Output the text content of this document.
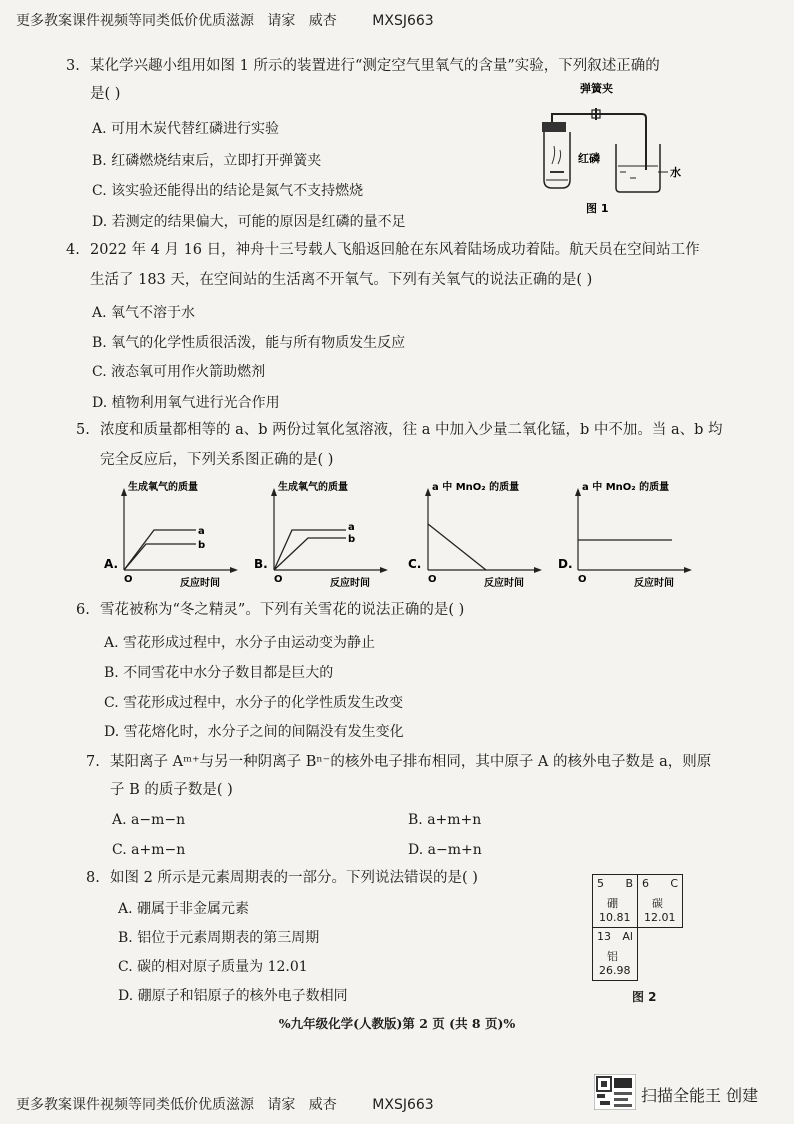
更多教案课件视频等同类低价优质滋源   请家   威杏        MXSJ663
3. 某化学兴趣小组用如图 1 所示的装置进行“测定空气里氧气的含量”实验，下列叙述正确的
是( )
A. 可用木炭代替红磷进行实验
B. 红磷燃烧结束后，立即打开弹簧夹
C. 该实验还能得出的结论是氮气不支持燃烧
D. 若测定的结果偏大，可能的原因是红磷的量不足
弹簧夹
红磷
水
图 1
4. 2022 年 4 月 16 日，神舟十三号载人飞船返回舱在东风着陆场成功着陆。航天员在空间站工作
生活了 183 天，在空间站的生活离不开氧气。下列有关氧气的说法正确的是( )
A. 氧气不溶于水
B. 氧气的化学性质很活泼，能与所有物质发生反应
C. 液态氧可用作火箭助燃剂
D. 植物利用氧气进行光合作用
5. 浓度和质量都相等的 a、b 两份过氧化氢溶液，往 a 中加入少量二氧化锰，b 中不加。当 a、b 均
完全反应后，下列关系图正确的是( )
生成氧气的质量
a
b
A.
O	反应时间
生成氧气的质量
a
b
B.
O	反应时间
a 中 MnO₂ 的质量
C.
O	反应时间
a 中 MnO₂ 的质量
D.
O	反应时间
6. 雪花被称为“冬之精灵”。下列有关雪花的说法正确的是( )
A. 雪花形成过程中，水分子由运动变为静止
B. 不同雪花中水分子数目都是巨大的
C. 雪花形成过程中，水分子的化学性质发生改变
D. 雪花熔化时，水分子之间的间隔没有发生变化
7. 某阳离子 Aᵐ⁺与另一种阴离子 Bⁿ⁻的核外电子排布相同，其中原子 A 的核外电子数是 a，则原
子 B 的质子数是( )
A. a−m−n	B. a+m+n
C. a+m−n	D. a−m+n
8. 如图 2 所示是元素周期表的一部分。下列说法错误的是( )
A. 硼属于非金属元素
B. 铝位于元素周期表的第三周期
C. 碳的相对原子质量为 12.01
D. 硼原子和铝原子的核外电子数相同
5 B
硼
10.81
6 C
碳
12.01
13 Al
铝
26.98
图 2
%九年级化学(人教版)第 2 页 (共 8 页)%
更多教案课件视频等同类低价优质滋源   请家   威杏        MXSJ663	扫描全能王 创建
